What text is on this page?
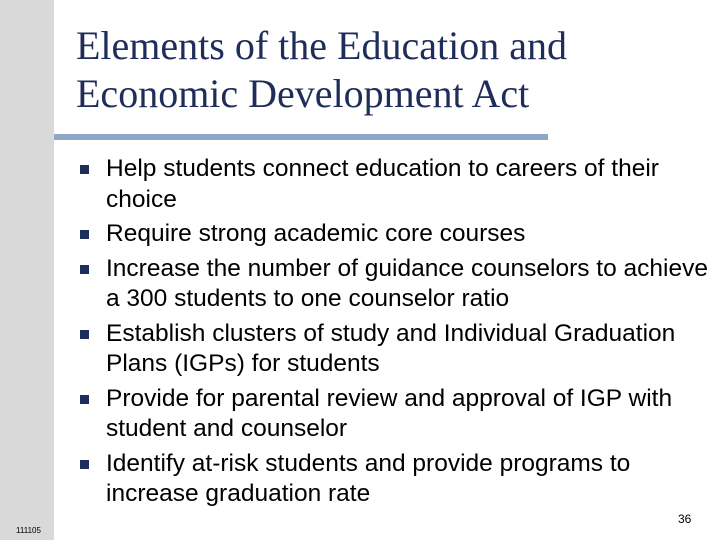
Elements of the Education and
Economic Development Act
Help students connect education to careers of their choice
Require strong academic core courses
Increase the number of guidance counselors to achieve a 300 students to one counselor ratio
Establish clusters of study and Individual Graduation Plans (IGPs) for students
Provide for parental review and approval of IGP with student and counselor
Identify at-risk students and provide programs to increase graduation rate
111105
36
